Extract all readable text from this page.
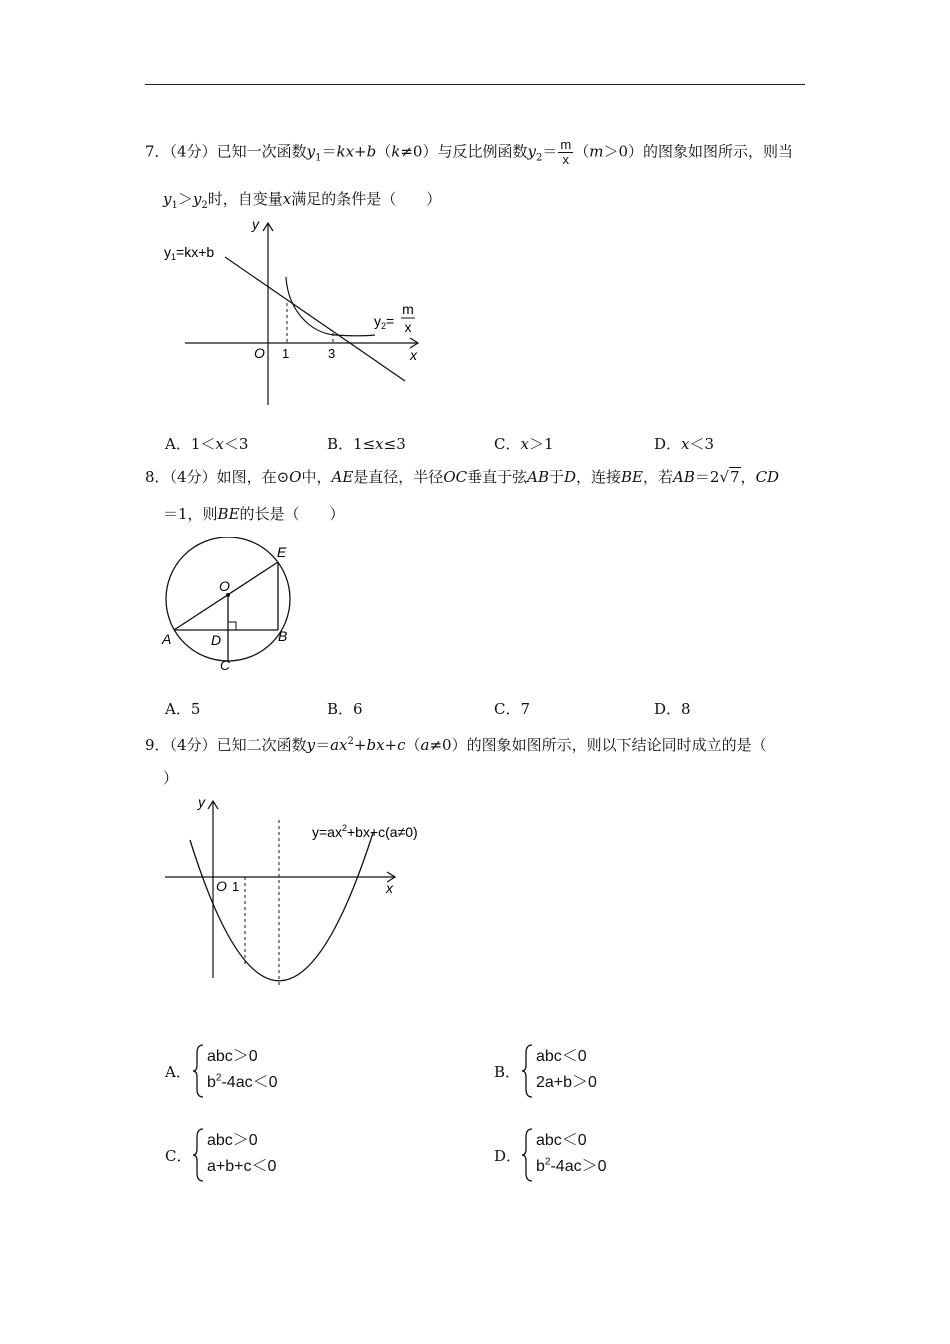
7．（4分）已知一次函数$y_1=kx+b(k\ne 0)$与反比例函数$y_2= \frac{m}{x} (m>0)$的图象如图所示，则当
$y_1>y_2$时，自变量x满足的条件是（　　）
$y_1=kx+b$
$y_2=$
m
x
O 1	3	x
y
A．1＜x＜3	B．1≤x≤3	C．x＞1	D．x＜3
8．（4分）如图，在⊙O中，AE是直径，半径OC垂直于弦AB于D，连接BE，若AB＝2√7，CD
＝1，则BE的长是（　　）
A	B
C
D
E
O
A．5	B．6	C．7	D．8
9．（4分）已知二次函数$y=ax^2+bx+c(a\ne 0)$的图象如图所示，则以下结论同时成立的是（
）
$y=ax^2+bx+c(a\ne 0)$
O 1	x
y
A．
abc＞0
$b^2-4ac<0$
B．
abc＜0
2a+b＞0
C．
abc＞0
a+b+c＜0
D．
abc＜0
$b^2-4ac>0$
